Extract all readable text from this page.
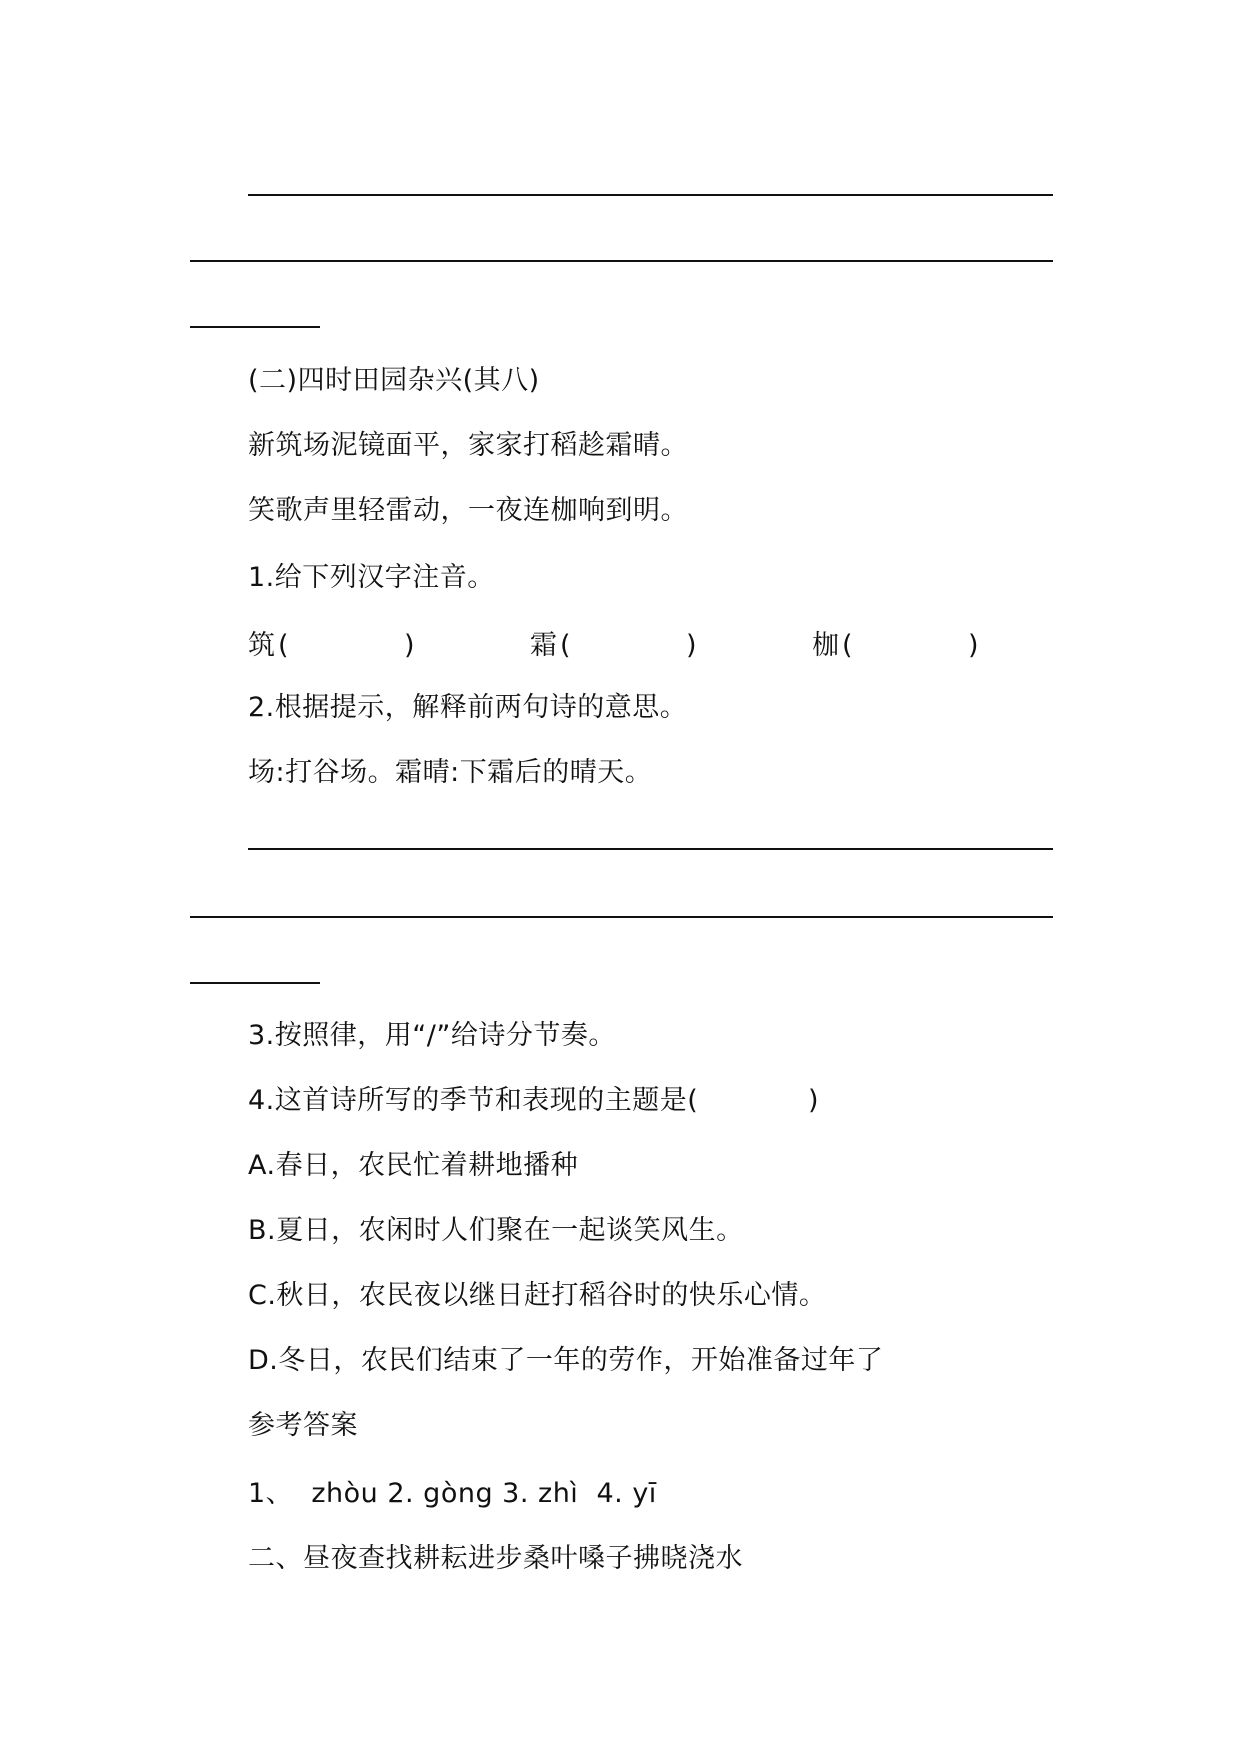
(二)四时田园杂兴(其八)
新筑场泥镜面平，家家打稻趁霜晴。
笑歌声里轻雷动，一夜连枷响到明。
1.给下列汉字注音。
筑 (	)	霜 (	)	枷 (	)
2.根据提示，解释前两句诗的意思。
场:打谷场。霜晴:下霜后的晴天。
3.按照律，用“/”给诗分节奏。
4.这首诗所写的季节和表现的主题是(	)
A.春日，农民忙着耕地播种
B.夏日，农闲时人们聚在一起谈笑风生。
C.秋日，农民夜以继日赶打稻谷时的快乐心情。
D.冬日，农民们结束了一年的劳作，开始准备过年了
参考答案
1、  zhòu 2. gòng 3. zhì  4. yī
二、昼夜查找耕耘进步桑叶嗓子拂晓浇水
